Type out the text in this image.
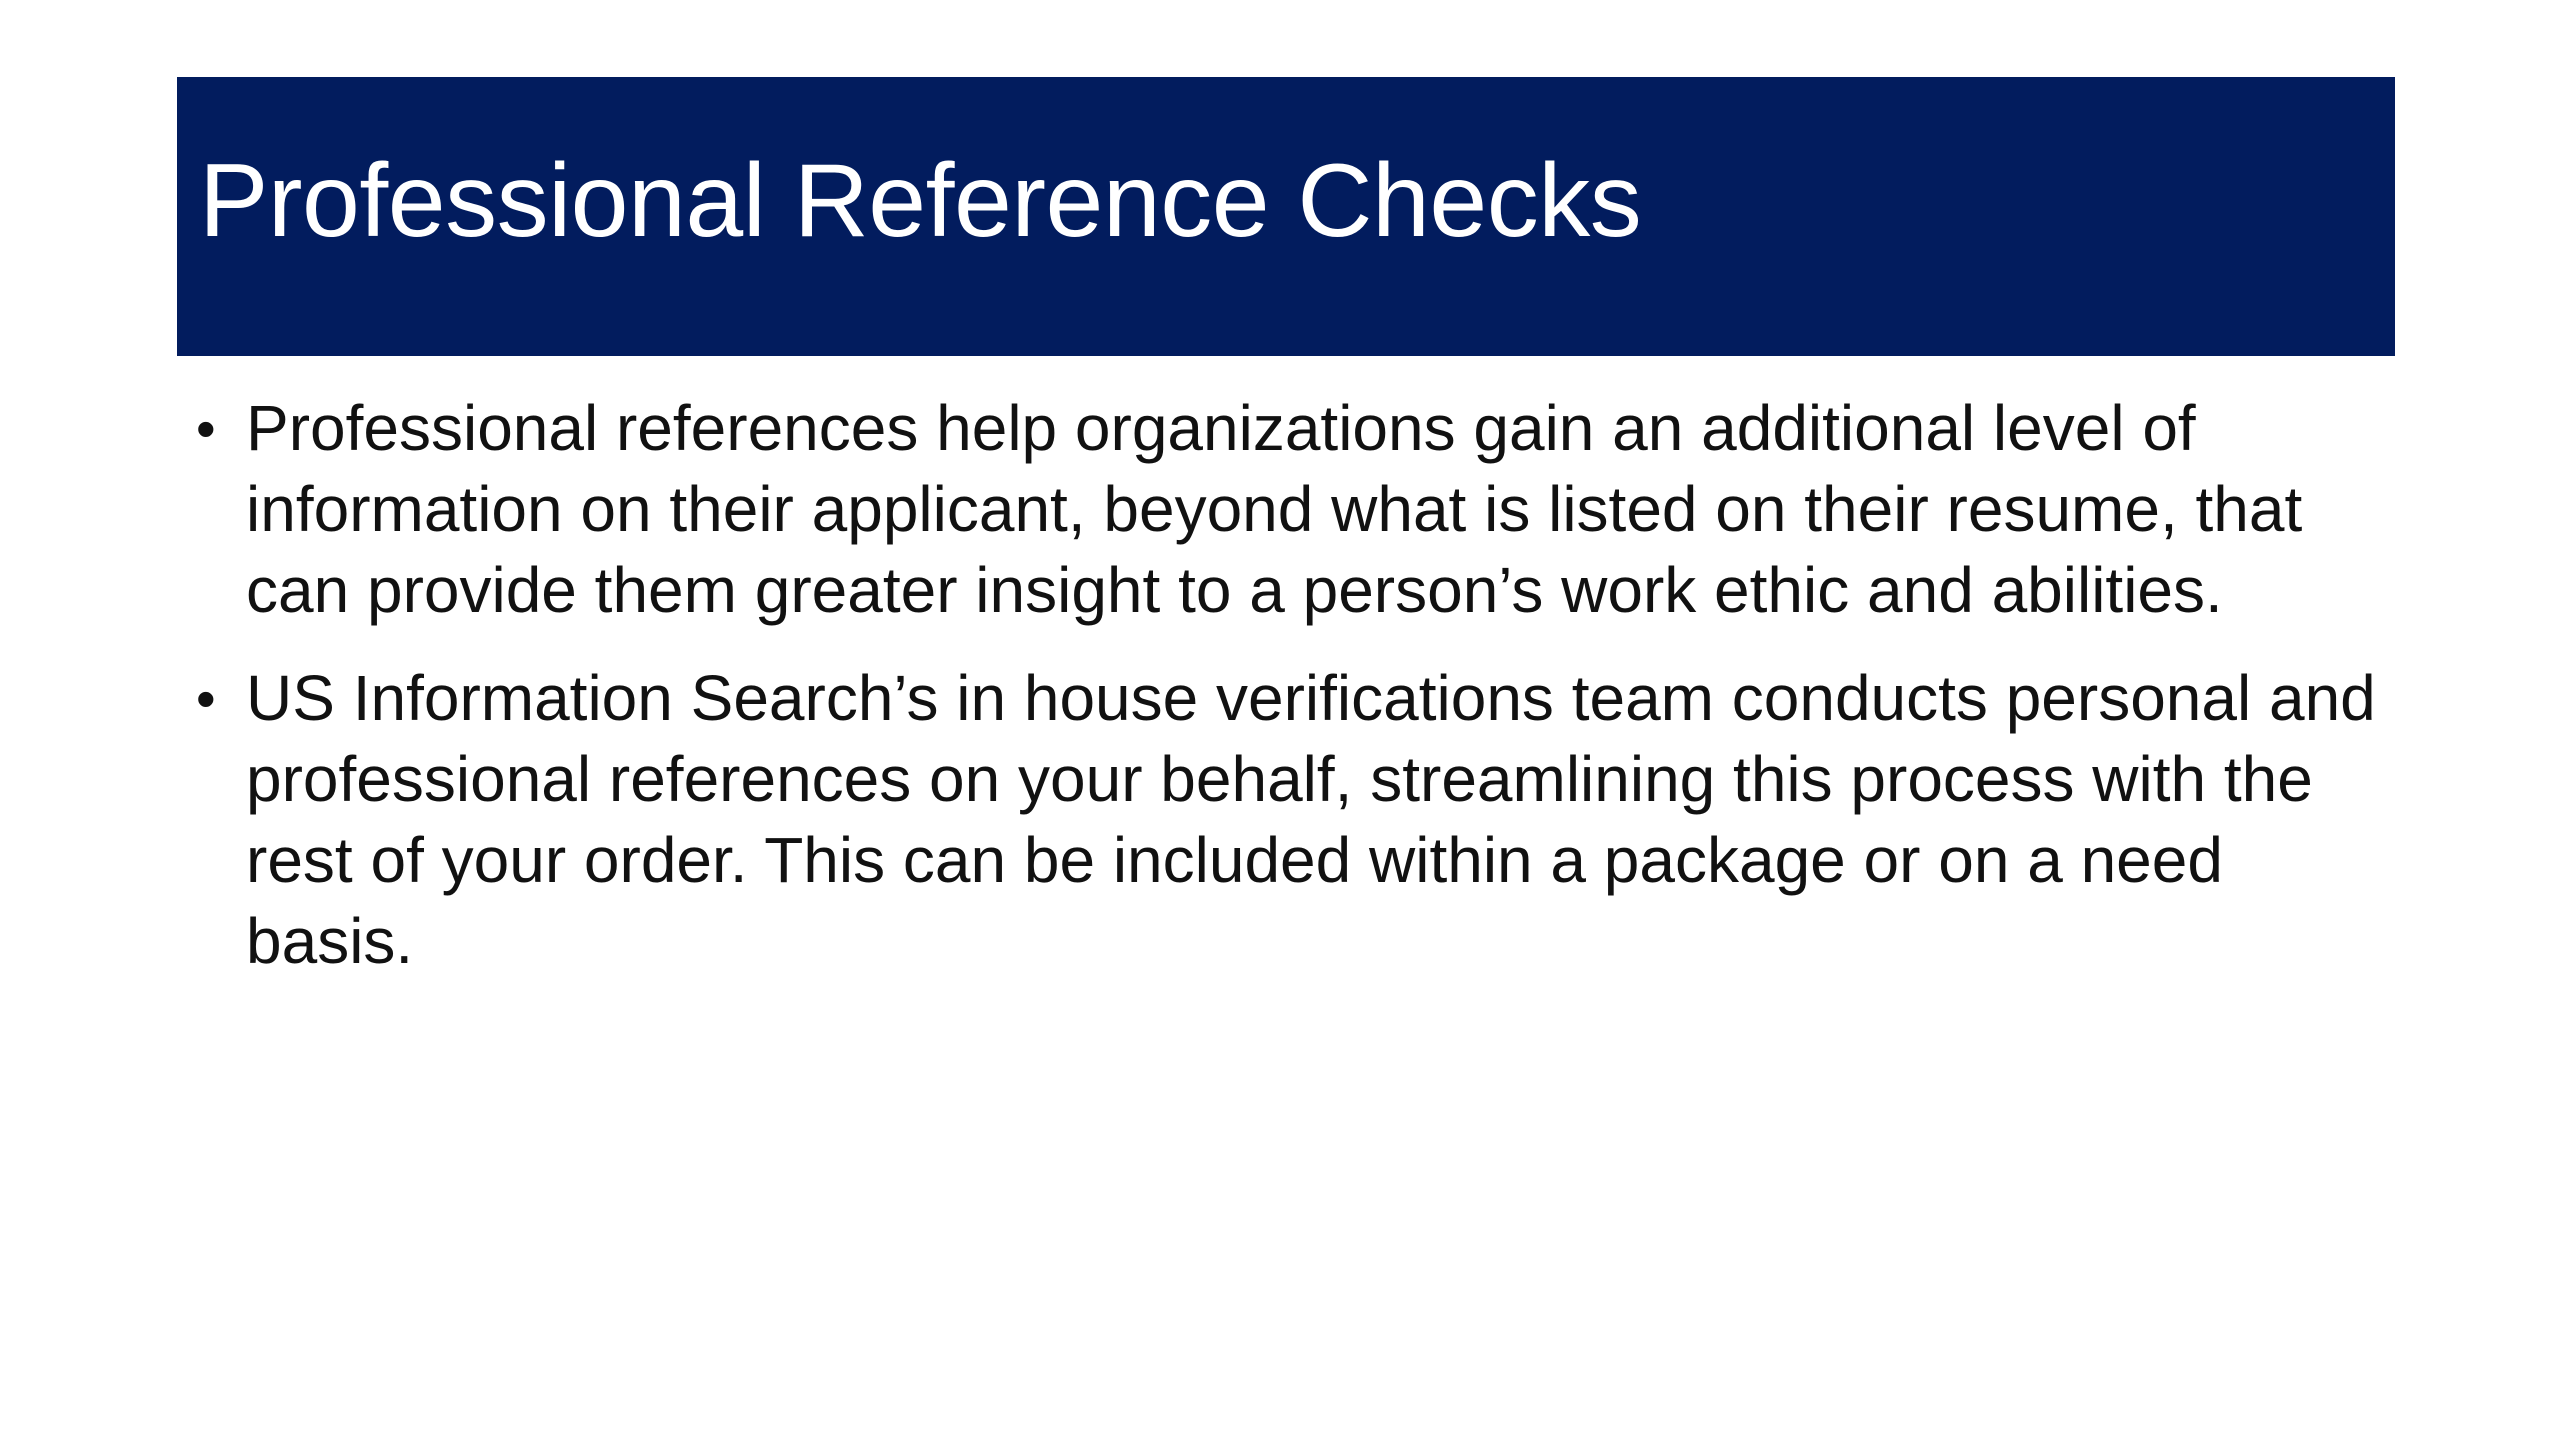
Professional Reference Checks
• Professional references help organizations gain an additional level of information on their applicant, beyond what is listed on their resume, that can provide them greater insight to a person’s work ethic and abilities.
• US Information Search’s in house verifications team conducts personal and professional references on your behalf, streamlining this process with the rest of your order. This can be included within a package or on a need basis.
